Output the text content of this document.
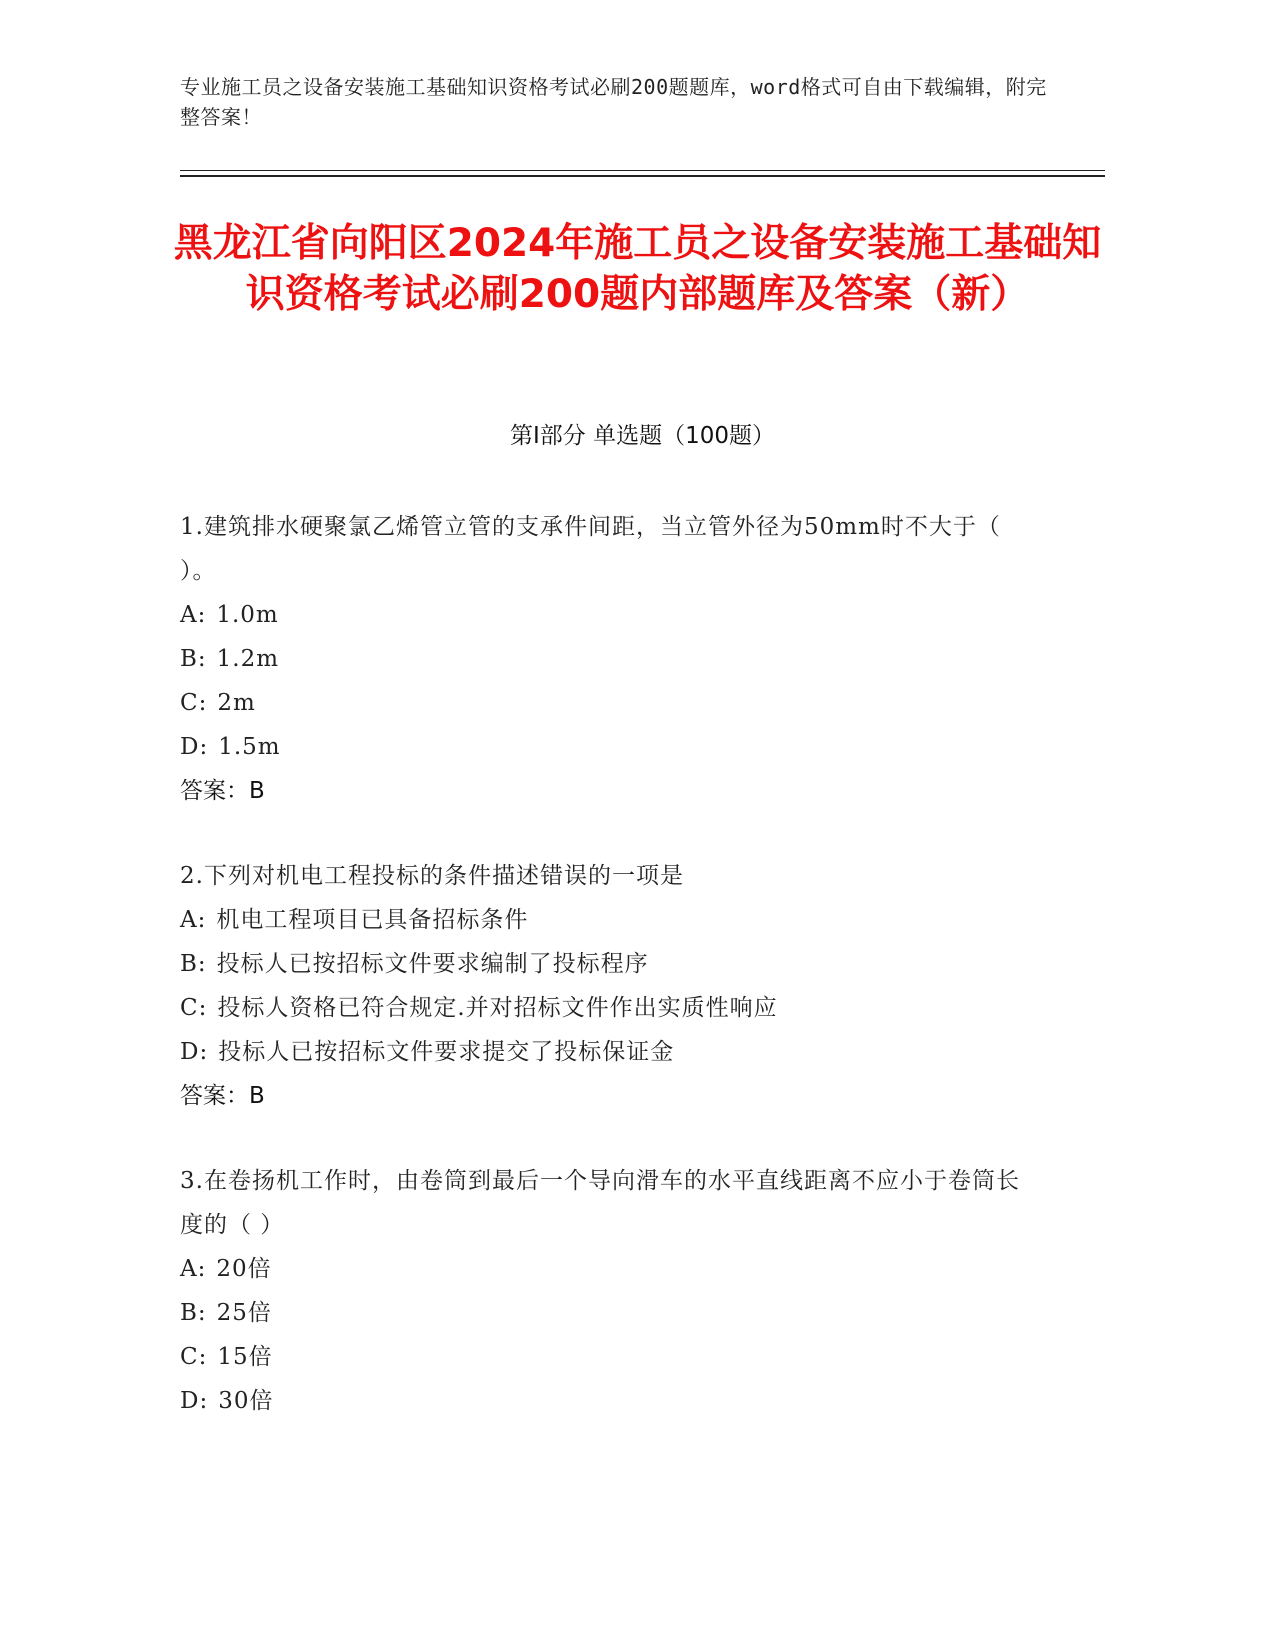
专业施工员之设备安装施工基础知识资格考试必刷200题题库，word格式可自由下载编辑，附完整答案！
黑龙江省向阳区2024年施工员之设备安装施工基础知识资格考试必刷200题内部题库及答案（新）
第Ⅰ部分 单选题（100题）
1.建筑排水硬聚氯乙烯管立管的支承件间距，当立管外径为50mm时不大于（ ）。
A: 1.0m
B: 1.2m
C: 2m
D: 1.5m
答案：B
2.下列对机电工程投标的条件描述错误的一项是
A: 机电工程项目已具备招标条件
B: 投标人已按招标文件要求编制了投标程序
C: 投标人资格已符合规定.并对招标文件作出实质性响应
D: 投标人已按招标文件要求提交了投标保证金
答案：B
3.在卷扬机工作时，由卷筒到最后一个导向滑车的水平直线距离不应小于卷筒长度的（ ）
A: 20倍
B: 25倍
C: 15倍
D: 30倍
